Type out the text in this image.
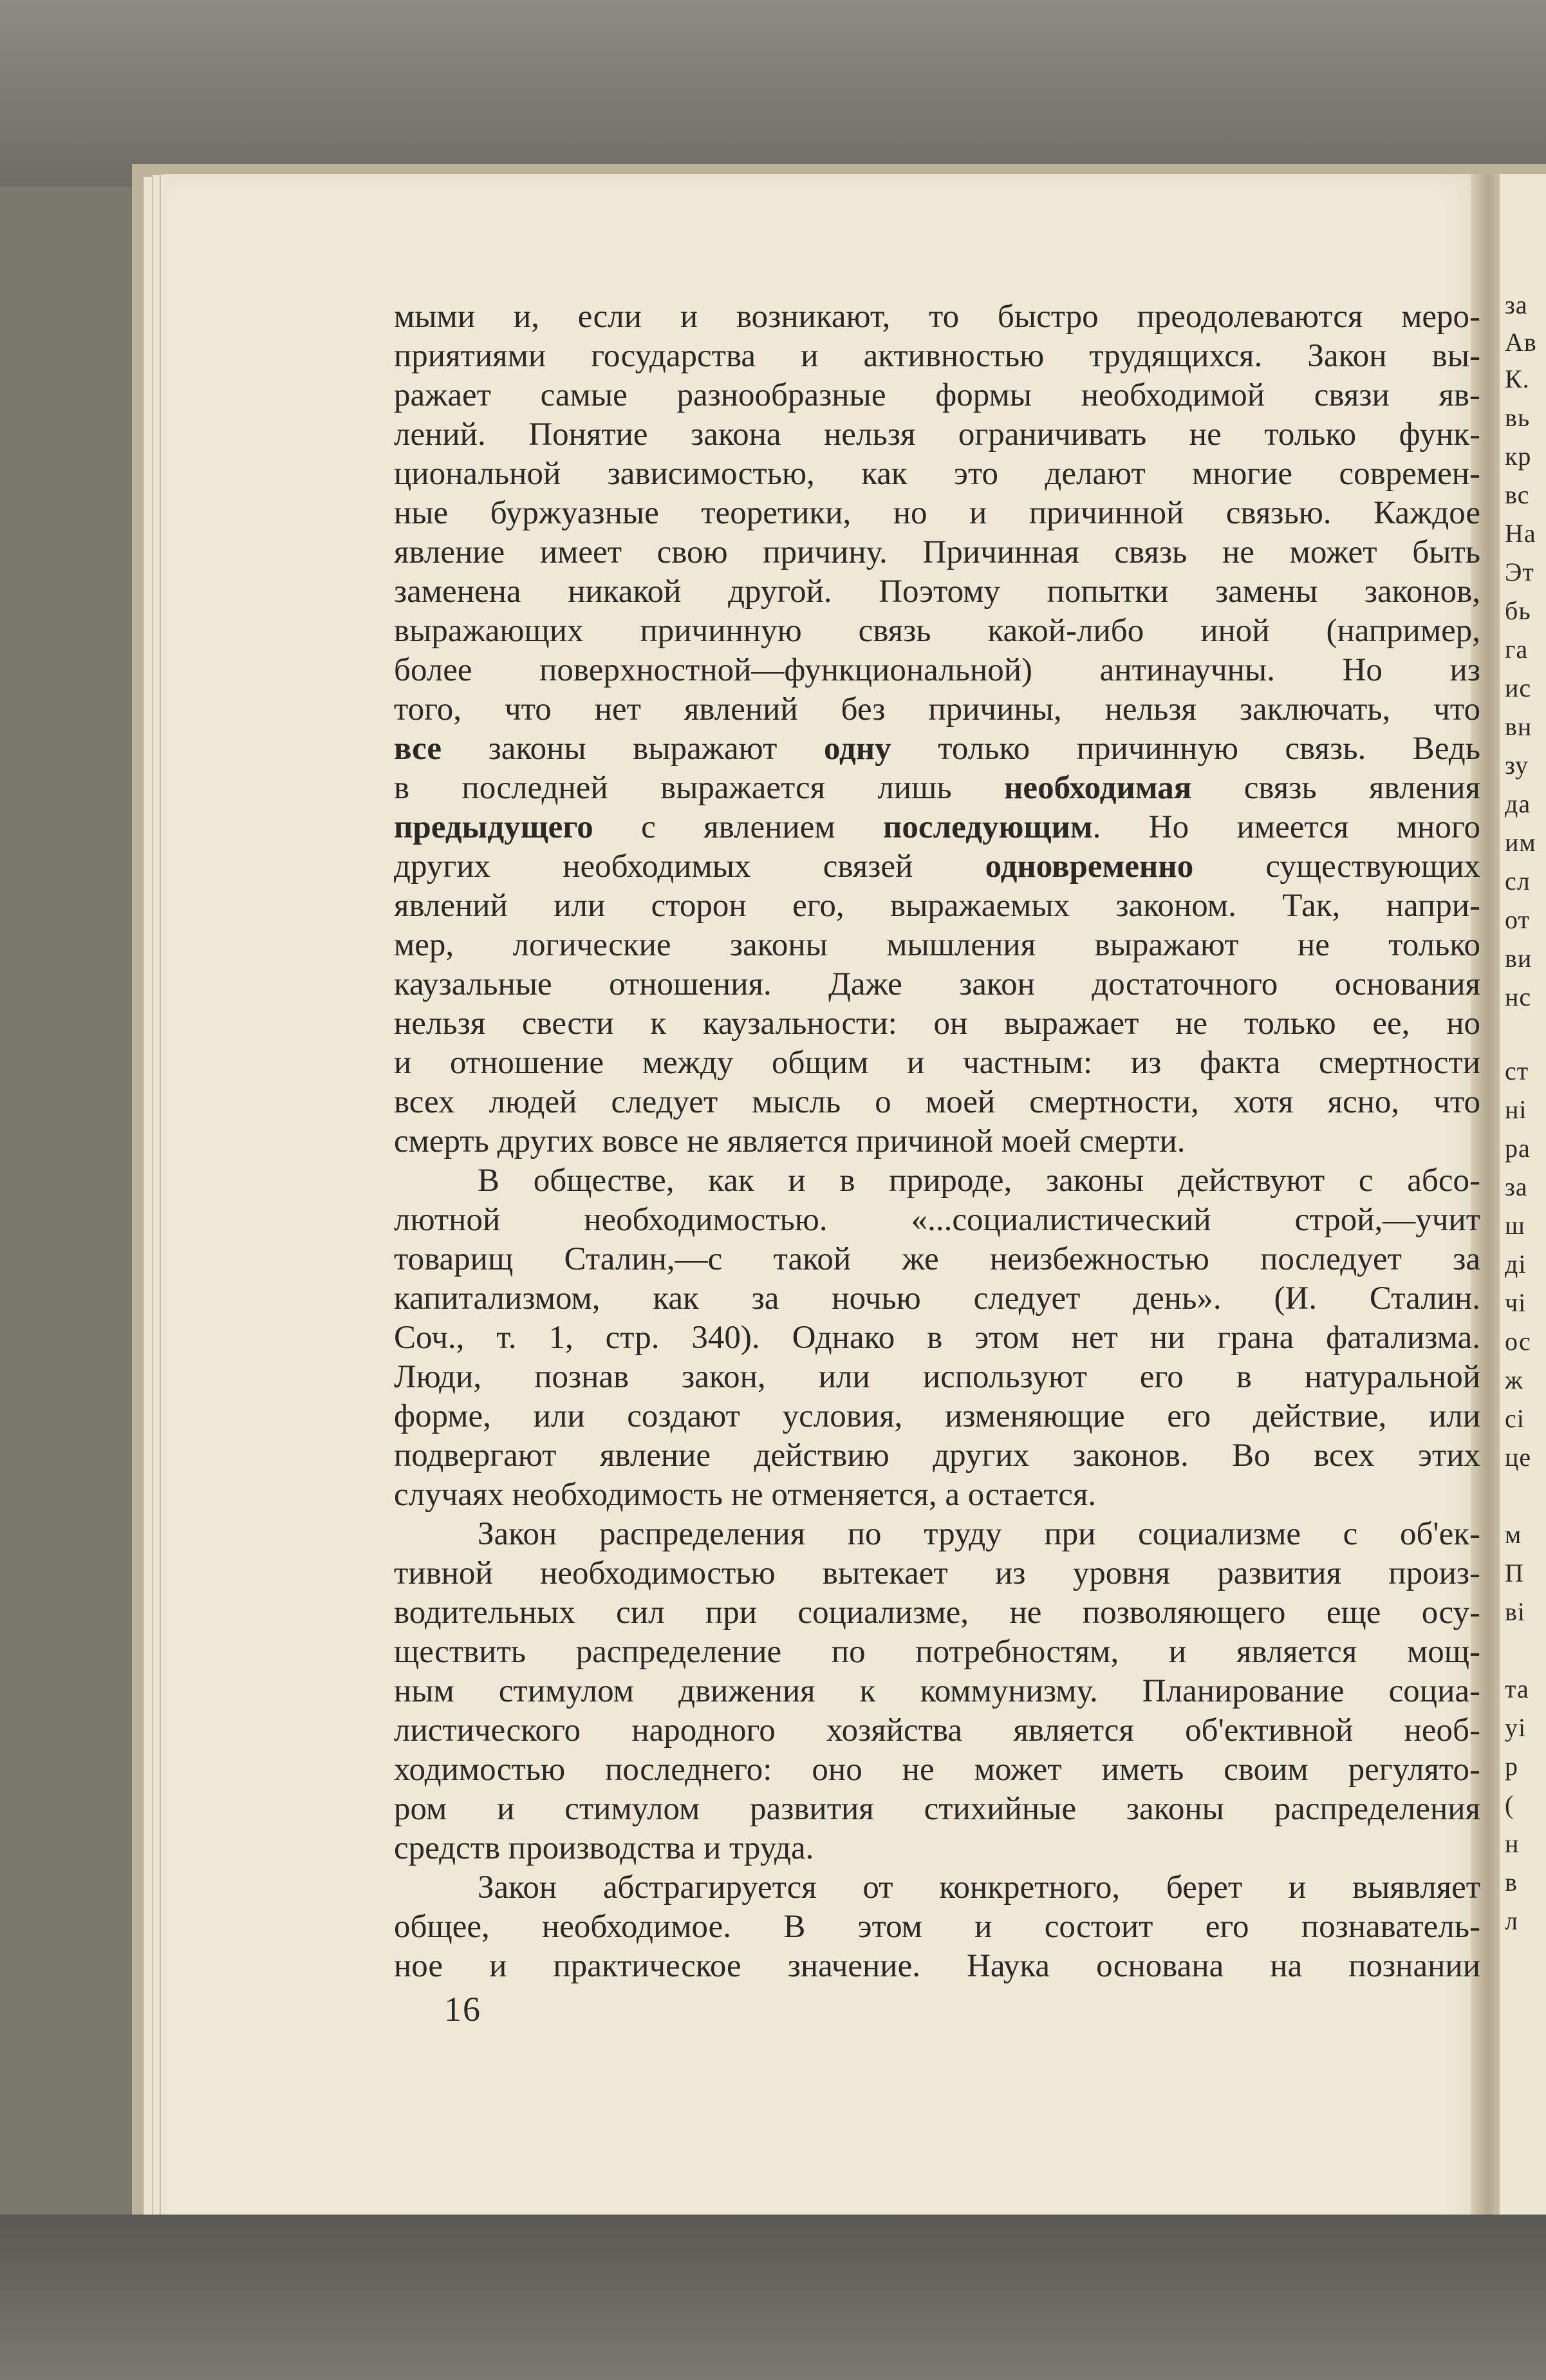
мыми и, если и возникают, то быстро преодолеваются меро-
приятиями государства и активностью трудящихся. Закон вы-
ражает самые разнообразные формы необходимой связи яв-
лений. Понятие закона нельзя ограничивать не только функ-
циональной зависимостью, как это делают многие современ-
ные буржуазные теоретики, но и причинной связью. Каждое
явление имеет свою причину. Причинная связь не может быть
заменена никакой другой. Поэтому попытки замены законов,
выражающих причинную связь какой-либо иной (например,
более поверхностной—функциональной) антинаучны. Но из
того, что нет явлений без причины, нельзя заключать, что
все законы выражают одну только причинную связь. Ведь
в последней выражается лишь необходимая связь явления
предыдущего с явлением последующим. Но имеется много
других необходимых связей одновременно существующих
явлений или сторон его, выражаемых законом. Так, напри-
мер, логические законы мышления выражают не только
каузальные отношения. Даже закон достаточного основания
нельзя свести к каузальности: он выражает не только ее, но
и отношение между общим и частным: из факта смертности
всех людей следует мысль о моей смертности, хотя ясно, что
смерть других вовсе не является причиной моей смерти.
В обществе, как и в природе, законы действуют с абсо-
лютной необходимостью. «...социалистический строй,—учит
товарищ Сталин,—с такой же неизбежностью последует за
капитализмом, как за ночью следует день». (И. Сталин.
Соч., т. 1, стр. 340). Однако в этом нет ни грана фатализма.
Люди, познав закон, или используют его в натуральной
форме, или создают условия, изменяющие его действие, или
подвергают явление действию других законов. Во всех этих
случаях необходимость не отменяется, а остается.
Закон распределения по труду при социализме с об'ек-
тивной необходимостью вытекает из уровня развития произ-
водительных сил при социализме, не позволяющего еще осу-
ществить распределение по потребностям, и является мощ-
ным стимулом движения к коммунизму. Планирование социа-
листического народного хозяйства является об'ективной необ-
ходимостью последнего: оно не может иметь своим регулято-
ром и стимулом развития стихийные законы распределения
средств производства и труда.
Закон абстрагируется от конкретного, берет и выявляет
общее, необходимое. В этом и состоит его познаватель-
ное и практическое значение. Наука основана на познании
16
за
Ав
К.
вь
кр
вс
На
Эт
бь
га
ис
вн
зу
да
им
сл
от
ви
нс
ст
ні
ра
за
ш
ді
чі
ос
ж
сі
це
м
П
ві
та
уі
р
(
н
в
л
